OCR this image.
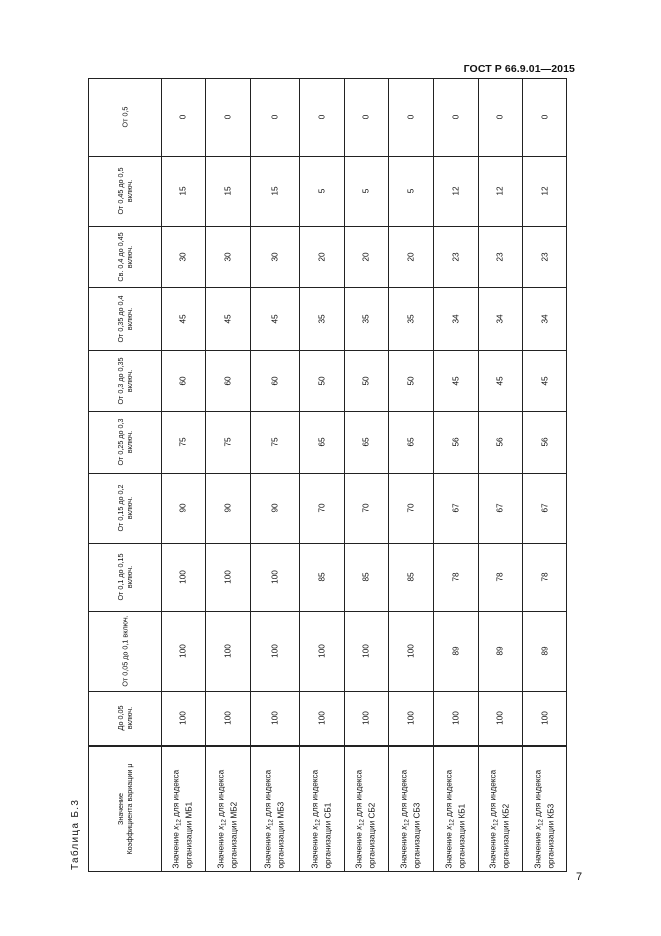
ГОСТ Р 66.9.01—2015
Таблица Б.3
До 0,05 включ.
От 0,05 до 0,1 включ.
От 0,1 до 0,15 включ.
От 0,15 до 0,2 включ.
От 0,25 до 0,3 включ.
От 0,3 до 0,35 включ.
От 0,35 до 0,4 включ.
Св. 0,4 до 0,45 включ.
От 0,45 до 0,5 включ.
От 0,5
Значение Коэффициента вариации μ	Значение $x_{12}$ для индекса организации МБ1
100
100
100
90
75
60
45
30
15
0
Значение $x_{12}$ для индекса организации МБ2
100
100
100
90
75
60
45
30
15
0
Значение $x_{12}$ для индекса организации МБ3
100
100
100
90
75
60
45
30
15
0
Значение $x_{12}$ для индекса организации СБ1
100
100
85
70
65
50
35
20
5
0
Значение $x_{12}$ для индекса организации СБ2
100
100
85
70
65
50
35
20
5
0
Значение $x_{12}$ для индекса организации СБ3
100
100
85
70
65
50
35
20
5
0
Значение $x_{12}$ для индекса организации КБ1
100
89
78
67
56
45
34
23
12
0
Значение $x_{12}$ для индекса организации КБ2
100
89
78
67
56
45
34
23
12
0
Значение $x_{12}$ для индекса организации КБ3
100
89
78
67
56
45
34
23
12
0
7
